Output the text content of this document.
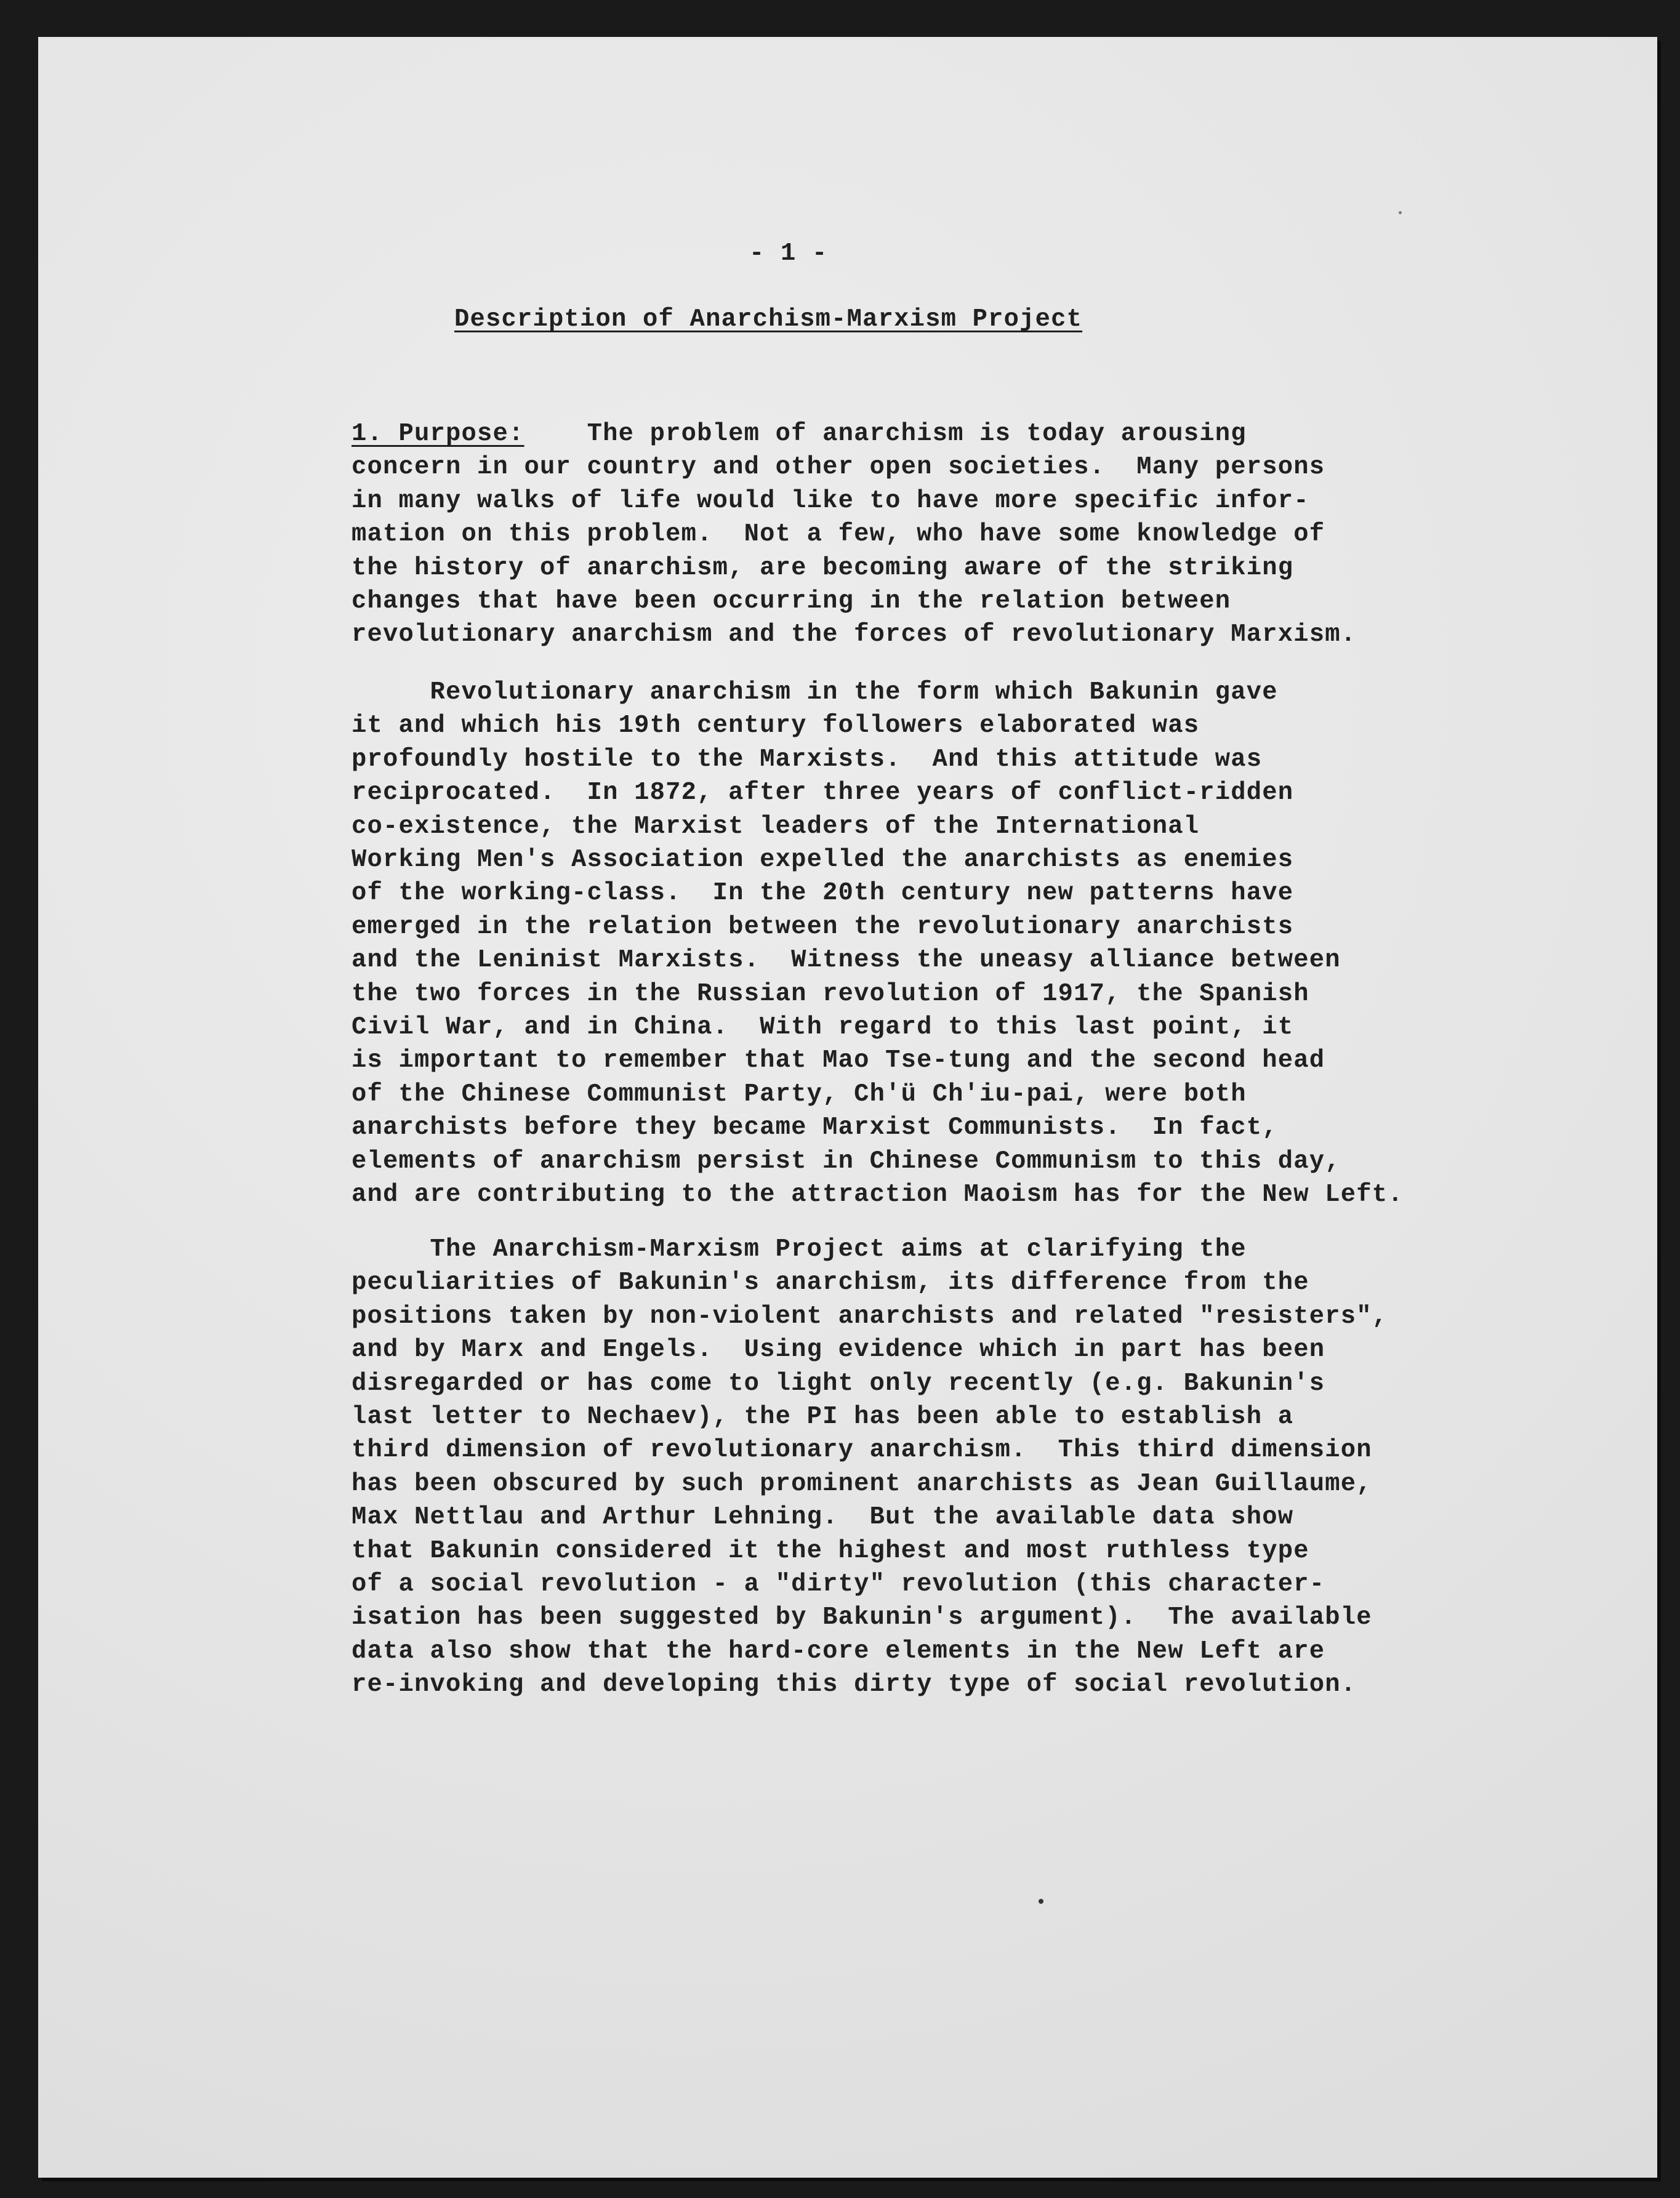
- 1 -
Description of Anarchism-Marxism Project
1. Purpose:    The problem of anarchism is today arousing
concern in our country and other open societies.  Many persons
in many walks of life would like to have more specific infor-
mation on this problem.  Not a few, who have some knowledge of
the history of anarchism, are becoming aware of the striking
changes that have been occurring in the relation between
revolutionary anarchism and the forces of revolutionary Marxism.
Revolutionary anarchism in the form which Bakunin gave
it and which his 19th century followers elaborated was
profoundly hostile to the Marxists.  And this attitude was
reciprocated.  In 1872, after three years of conflict-ridden
co-existence, the Marxist leaders of the International
Working Men's Association expelled the anarchists as enemies
of the working-class.  In the 20th century new patterns have
emerged in the relation between the revolutionary anarchists
and the Leninist Marxists.  Witness the uneasy alliance between
the two forces in the Russian revolution of 1917, the Spanish
Civil War, and in China.  With regard to this last point, it
is important to remember that Mao Tse-tung and the second head
of the Chinese Communist Party, Ch'ü Ch'iu-pai, were both
anarchists before they became Marxist Communists.  In fact,
elements of anarchism persist in Chinese Communism to this day,
and are contributing to the attraction Maoism has for the New Left.
The Anarchism-Marxism Project aims at clarifying the
peculiarities of Bakunin's anarchism, its difference from the
positions taken by non-violent anarchists and related "resisters",
and by Marx and Engels.  Using evidence which in part has been
disregarded or has come to light only recently (e.g. Bakunin's
last letter to Nechaev), the PI has been able to establish a
third dimension of revolutionary anarchism.  This third dimension
has been obscured by such prominent anarchists as Jean Guillaume,
Max Nettlau and Arthur Lehning.  But the available data show
that Bakunin considered it the highest and most ruthless type
of a social revolution - a "dirty" revolution (this character-
isation has been suggested by Bakunin's argument).  The available
data also show that the hard-core elements in the New Left are
re-invoking and developing this dirty type of social revolution.
